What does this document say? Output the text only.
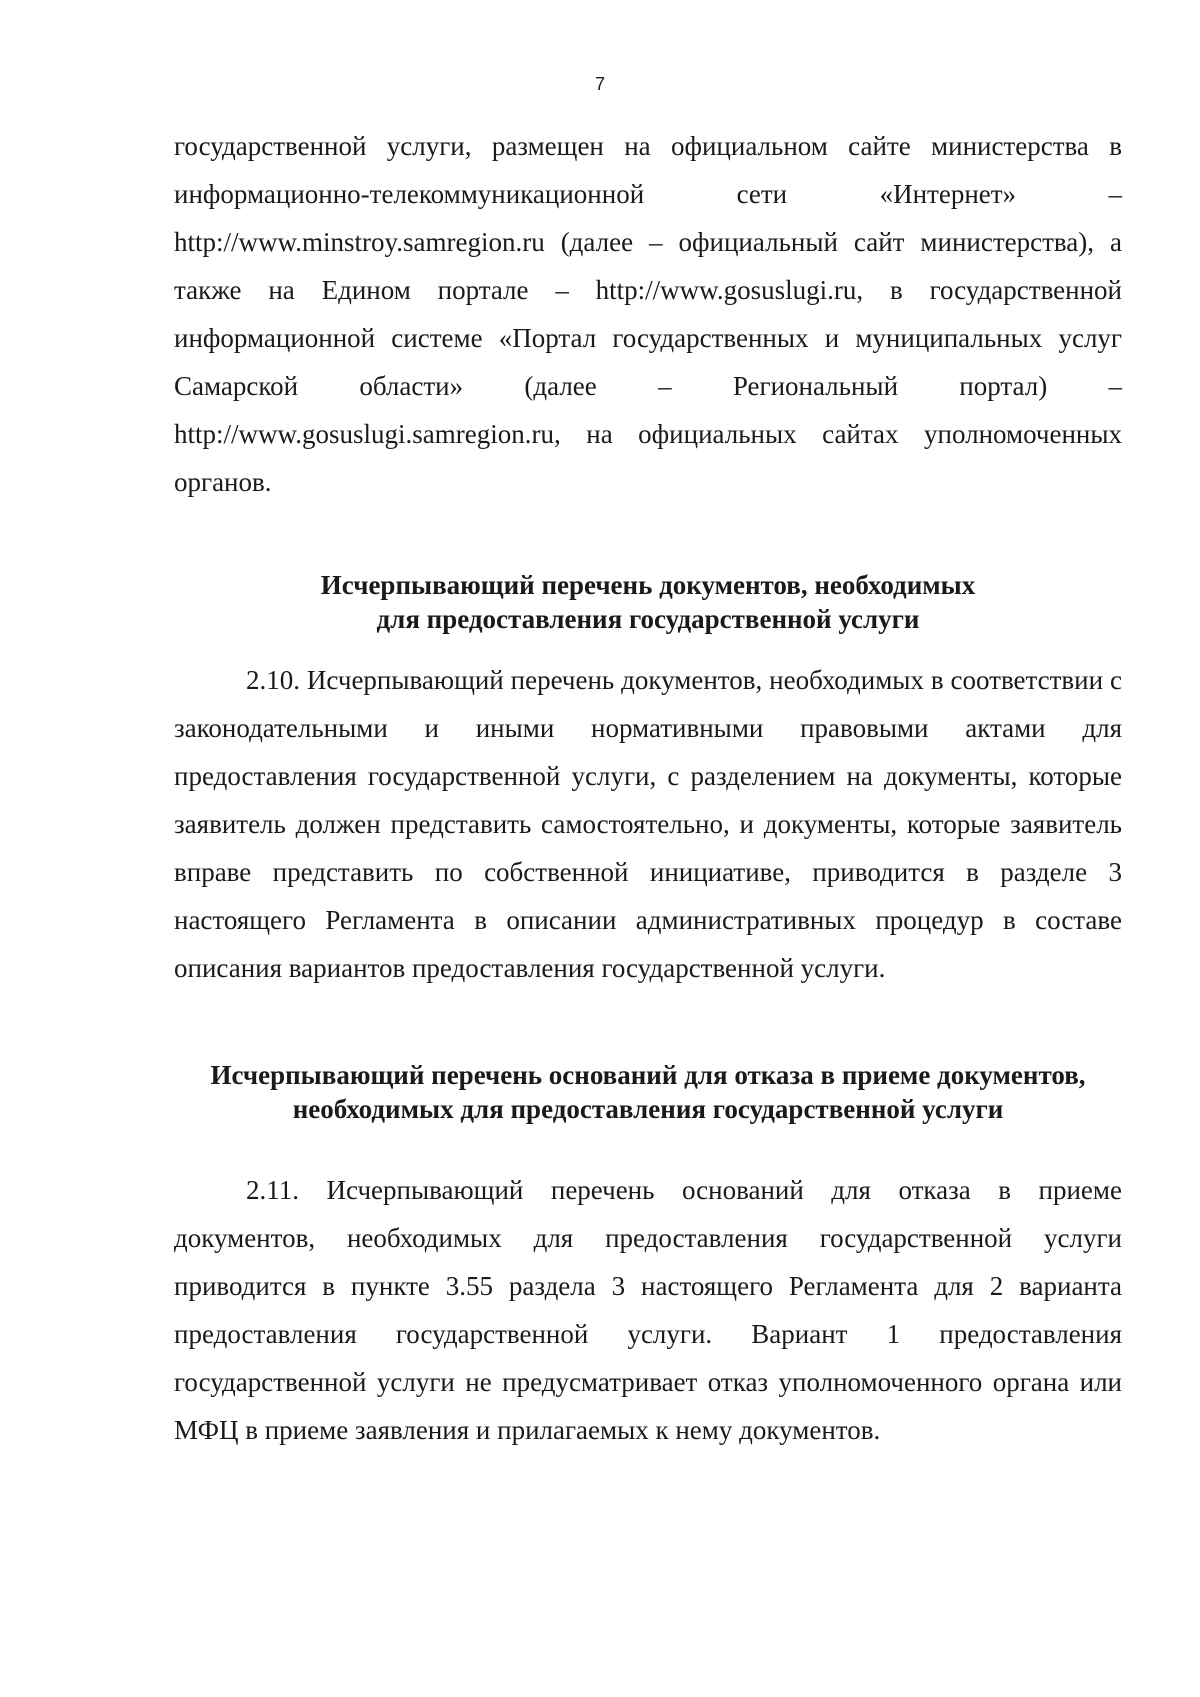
7

государственной услуги, размещен на официальном сайте министерства в информационно-телекоммуникационной сети «Интернет» – http://www.minstroy.samregion.ru (далее – официальный сайт министерства), а также на Едином портале – http://www.gosuslugi.ru, в государственной информационной системе «Портал государственных и муниципальных услуг Самарской области» (далее – Региональный портал) – http://www.gosuslugi.samregion.ru, на официальных сайтах уполномоченных органов.

Исчерпывающий перечень документов, необходимых

для предоставления государственной услуги

2.10. Исчерпывающий перечень документов, необходимых в соответствии с законодательными и иными нормативными правовыми актами для предоставления государственной услуги, с разделением на документы, которые заявитель должен представить самостоятельно, и документы, которые заявитель вправе представить по собственной инициативе, приводится в разделе 3 настоящего Регламента в описании административных процедур в составе описания вариантов предоставления государственной услуги.

Исчерпывающий перечень оснований для отказа в приеме документов,

необходимых для предоставления государственной услуги

2.11. Исчерпывающий перечень оснований для отказа в приеме документов, необходимых для предоставления государственной услуги приводится в пункте 3.55 раздела 3 настоящего Регламента для 2 варианта предоставления государственной услуги. Вариант 1 предоставления государственной услуги не предусматривает отказ уполномоченного органа или МФЦ в приеме заявления и прилагаемых к нему документов.
